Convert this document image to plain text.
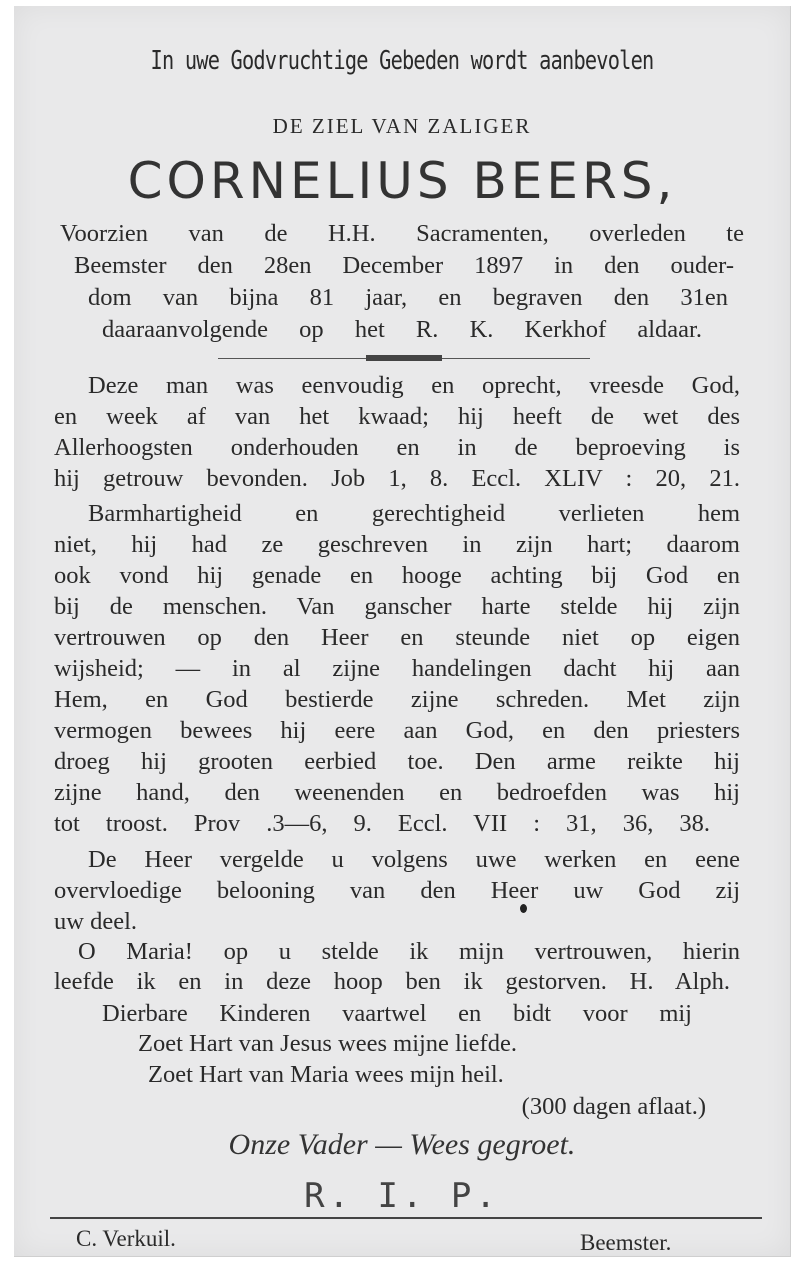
In uwe Godvruchtige Gebeden wordt aanbevolen
DE ZIEL VAN ZALIGER
CORNELIUS BEERS,
Voorzien van de H.H. Sacramenten, overleden te
Beemster den 28en December 1897 in den ouder-
dom van bijna 81 jaar, en begraven den 31en
daaraanvolgende op het R. K. Kerkhof aldaar.
Deze man was eenvoudig en oprecht, vreesde God,
en week af van het kwaad; hij heeft de wet des
Allerhoogsten onderhouden en in de beproeving is
hij getrouw bevonden. Job 1, 8. Eccl. XLIV : 20, 21.
Barmhartigheid en gerechtigheid verlieten hem
niet, hij had ze geschreven in zijn hart; daarom
ook vond hij genade en hooge achting bij God en
bij de menschen. Van ganscher harte stelde hij zijn
vertrouwen op den Heer en steunde niet op eigen
wijsheid; — in al zijne handelingen dacht hij aan
Hem, en God bestierde zijne schreden. Met zijn
vermogen bewees hij eere aan God, en den priesters
droeg hij grooten eerbied toe. Den arme reikte hij
zijne hand, den weenenden en bedroefden was hij
tot troost. Prov .3—6, 9. Eccl. VII : 31, 36, 38.
De Heer vergelde u volgens uwe werken en eene
overvloedige belooning van den Heer uw God zij
uw deel.
O Maria! op u stelde ik mijn vertrouwen, hierin
leefde ik en in deze hoop ben ik gestorven. H. Alph.
Dierbare Kinderen vaartwel en bidt voor mij
Zoet Hart van Jesus wees mijne liefde.
Zoet Hart van Maria wees mijn heil.
(300 dagen aflaat.)
Onze Vader — Wees gegroet.
R. I. P.
C. Verkuil.	Beemster.
